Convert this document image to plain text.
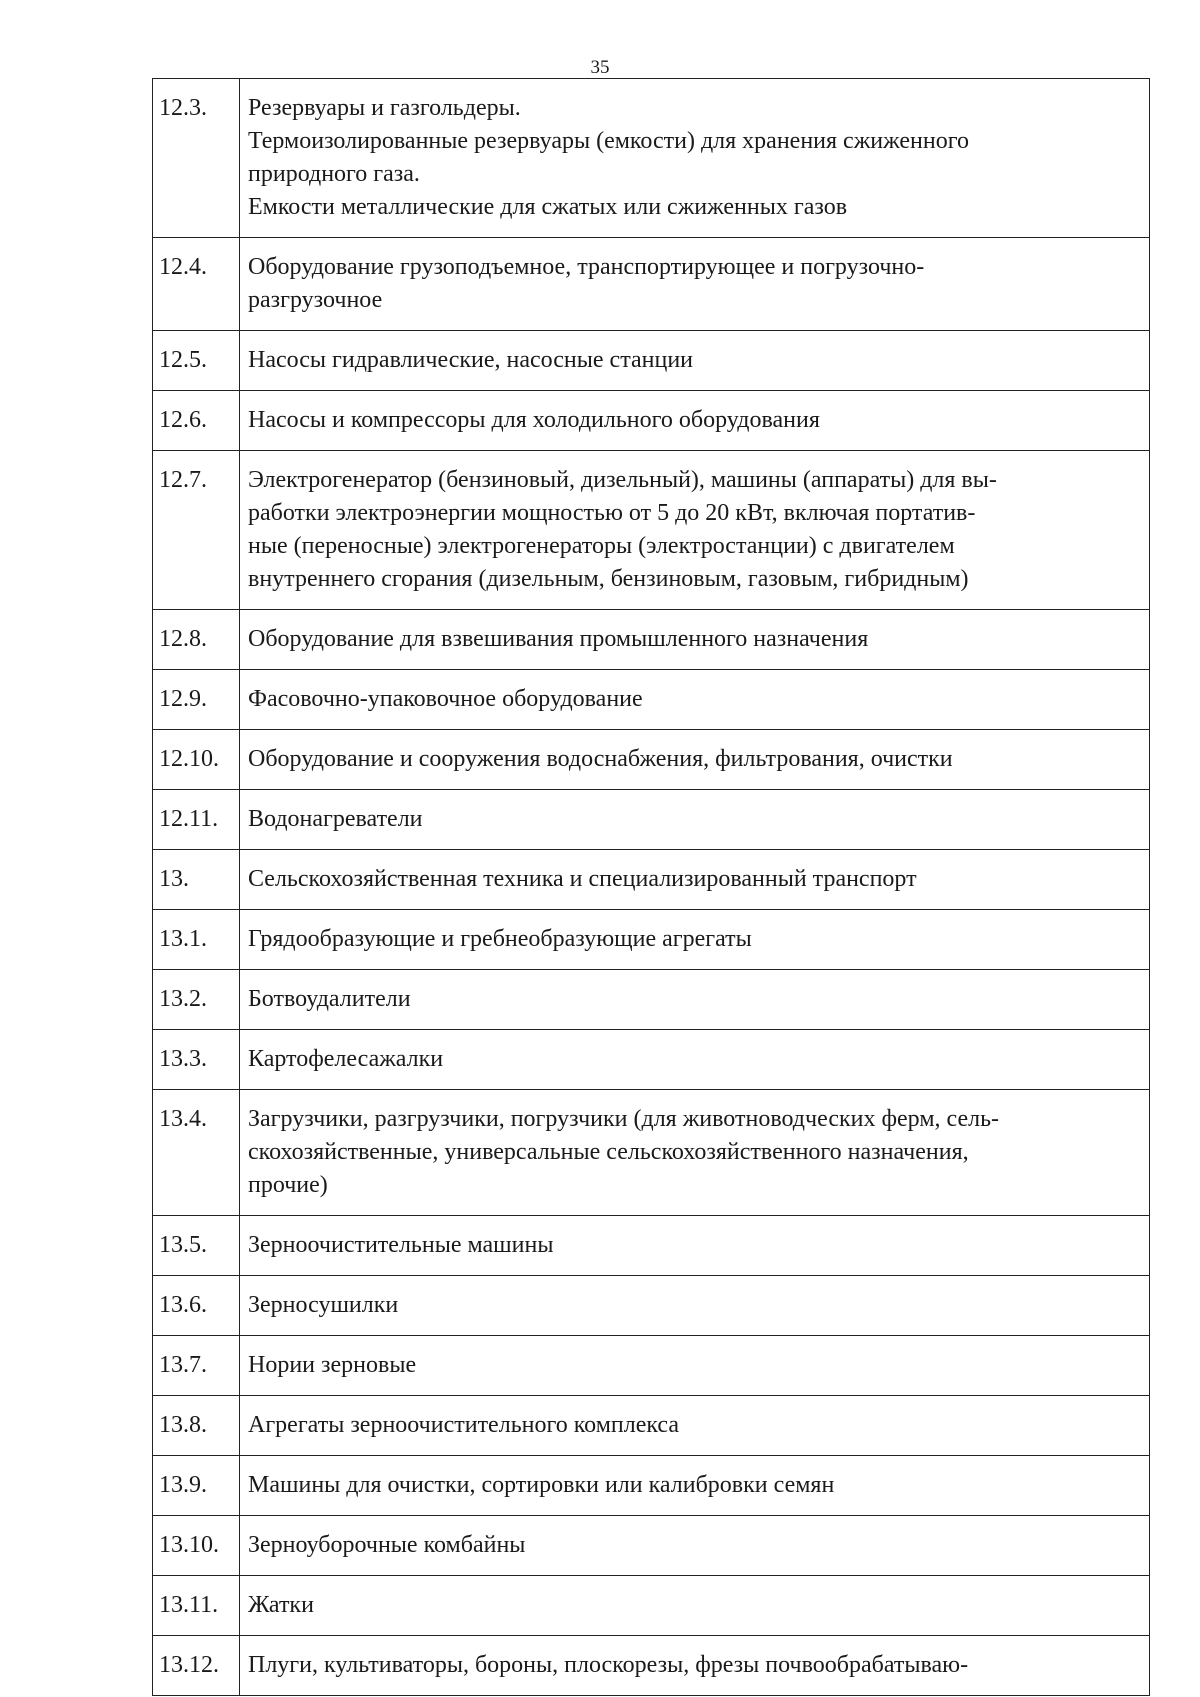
35
12.3.	Резервуары и газгольдеры.
Термоизолированные резервуары (емкости) для хранения сжиженного
природного газа.
Емкости металлические для сжатых или сжиженных газов

12.4.	Оборудование грузоподъемное, транспортирующее и погрузочно-
разгрузочное

12.5.	Насосы гидравлические, насосные станции

12.6.	Насосы и компрессоры для холодильного оборудования

12.7.	Электрогенератор (бензиновый, дизельный), машины (аппараты) для вы-
работки электроэнергии мощностью от 5 до 20 кВт, включая портатив-
ные (переносные) электрогенераторы (электростанции) с двигателем
внутреннего сгорания (дизельным, бензиновым, газовым, гибридным)

12.8.	Оборудование для взвешивания промышленного назначения

12.9.	Фасовочно-упаковочное оборудование

12.10.	Оборудование и сооружения водоснабжения, фильтрования, очистки

12.11.	Водонагреватели

13.	Сельскохозяйственная техника и специализированный транспорт

13.1.	Грядообразующие и гребнеобразующие агрегаты

13.2.	Ботвоудалители

13.3.	Картофелесажалки

13.4.	Загрузчики, разгрузчики, погрузчики (для животноводческих ферм, сель-
скохозяйственные, универсальные сельскохозяйственного назначения,
прочие)

13.5.	Зерноочистительные машины

13.6.	Зерносушилки

13.7.	Нории зерновые

13.8.	Агрегаты зерноочистительного комплекса

13.9.	Машины для очистки, сортировки или калибровки семян

13.10.	Зерноуборочные комбайны

13.11.	Жатки

13.12.	Плуги, культиваторы, бороны, плоскорезы, фрезы почвообрабатываю-
